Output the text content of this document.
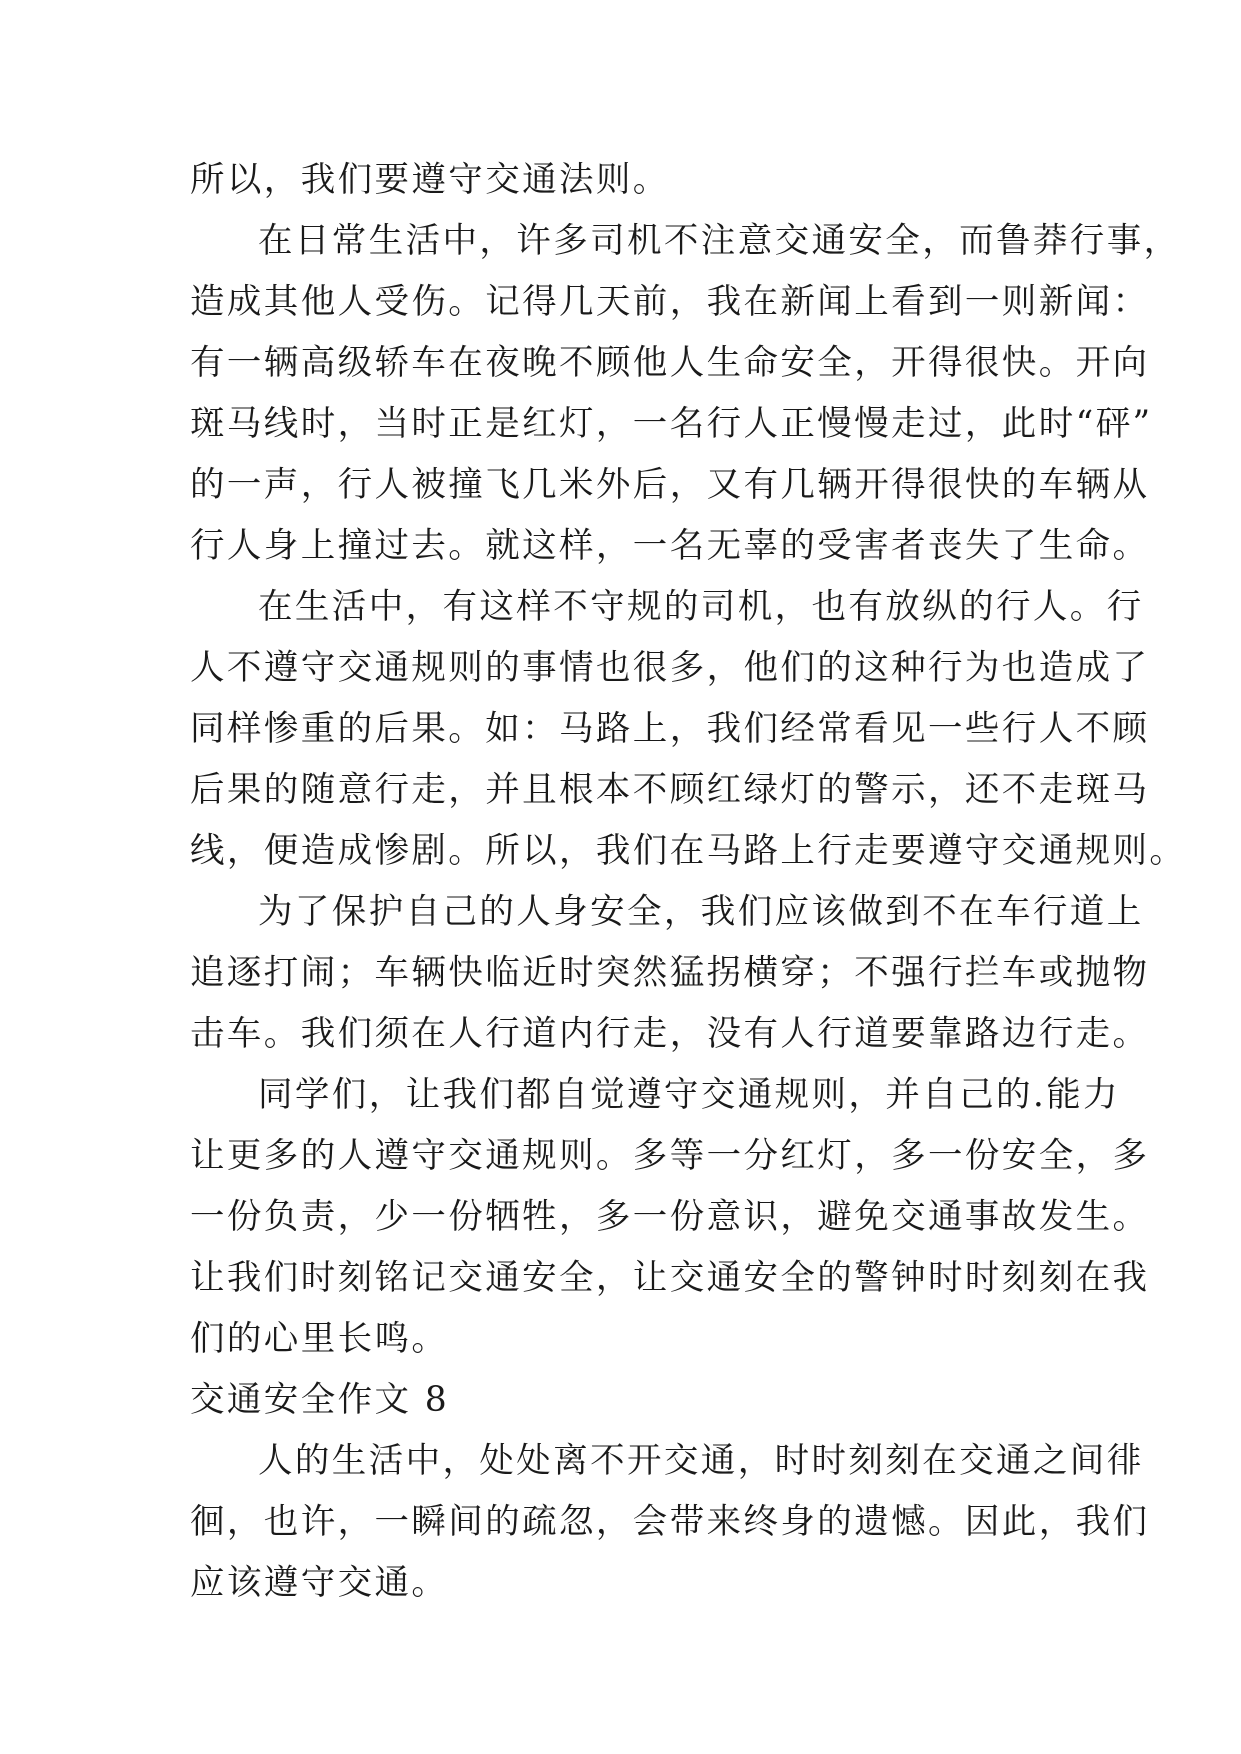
所以，我们要遵守交通法则。
在日常生活中，许多司机不注意交通安全，而鲁莽行事，
造成其他人受伤。记得几天前，我在新闻上看到一则新闻：
有一辆高级轿车在夜晚不顾他人生命安全，开得很快。开向
斑马线时，当时正是红灯，一名行人正慢慢走过，此时“砰”
的一声，行人被撞飞几米外后，又有几辆开得很快的车辆从
行人身上撞过去。就这样，一名无辜的受害者丧失了生命。
在生活中，有这样不守规的司机，也有放纵的行人。行
人不遵守交通规则的事情也很多，他们的这种行为也造成了
同样惨重的后果。如：马路上，我们经常看见一些行人不顾
后果的随意行走，并且根本不顾红绿灯的警示，还不走斑马
线，便造成惨剧。所以，我们在马路上行走要遵守交通规则。
为了保护自己的人身安全，我们应该做到不在车行道上
追逐打闹；车辆快临近时突然猛拐横穿；不强行拦车或抛物
击车。我们须在人行道内行走，没有人行道要靠路边行走。
同学们，让我们都自觉遵守交通规则，并自己的.能力
让更多的人遵守交通规则。多等一分红灯，多一份安全，多
一份负责，少一份牺牲，多一份意识，避免交通事故发生。
让我们时刻铭记交通安全，让交通安全的警钟时时刻刻在我
们的心里长鸣。
交通安全作文 8
人的生活中，处处离不开交通，时时刻刻在交通之间徘
徊，也许，一瞬间的疏忽，会带来终身的遗憾。因此，我们
应该遵守交通。
